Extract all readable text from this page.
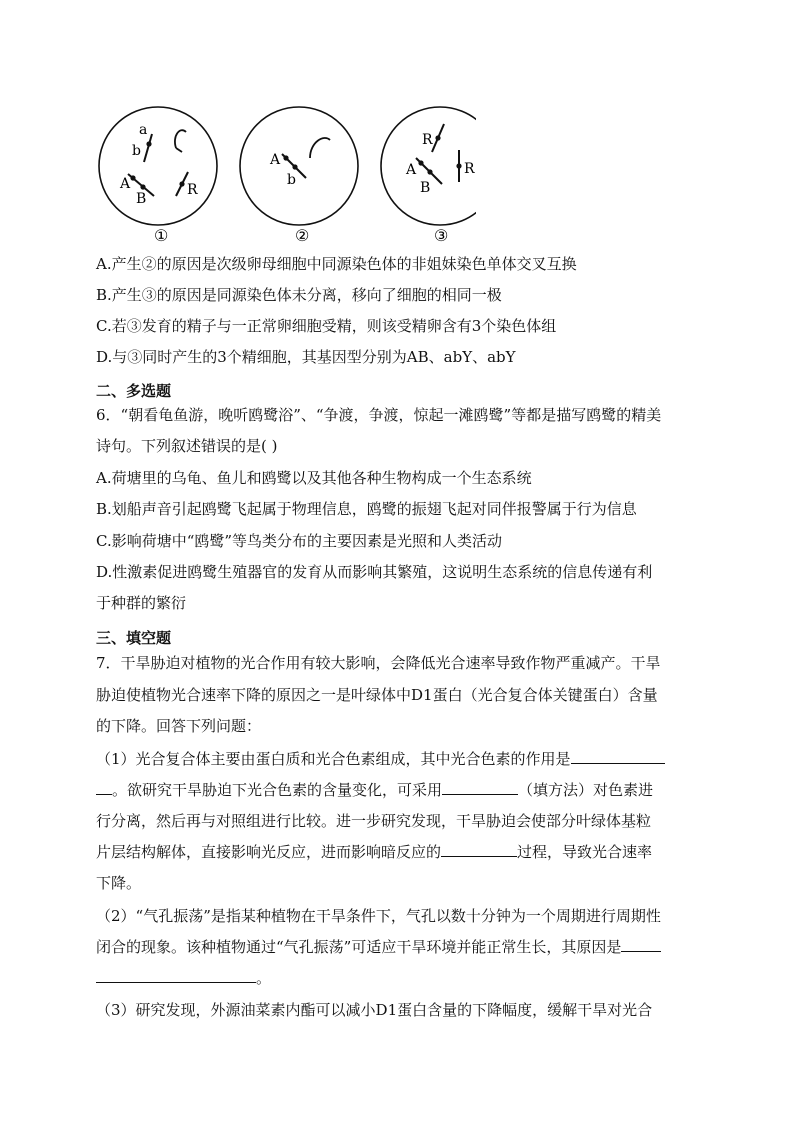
a
b
A
B
R
①
A
b
②
R
A
B
R
③
A.产生②的原因是次级卵母细胞中同源染色体的非姐妹染色单体交叉互换
B.产生③的原因是同源染色体未分离，移向了细胞的相同一极
C.若③发育的精子与一正常卵细胞受精，则该受精卵含有3个染色体组
D.与③同时产生的3个精细胞，其基因型分别为AB、abY、abY
二、多选题
6．“朝看龟鱼游，晚听鸥鹭浴”、“争渡，争渡，惊起一滩鸥鹭”等都是描写鸥鹭的精美
诗句。下列叙述错误的是( )
A.荷塘里的乌龟、鱼儿和鸥鹭以及其他各种生物构成一个生态系统
B.划船声音引起鸥鹭飞起属于物理信息，鸥鹭的振翅飞起对同伴报警属于行为信息
C.影响荷塘中“鸥鹭”等鸟类分布的主要因素是光照和人类活动
D.性激素促进鸥鹭生殖器官的发育从而影响其繁殖，这说明生态系统的信息传递有利
于种群的繁衍
三、填空题
7．干旱胁迫对植物的光合作用有较大影响，会降低光合速率导致作物严重减产。干旱
胁迫使植物光合速率下降的原因之一是叶绿体中D1蛋白（光合复合体关键蛋白）含量
的下降。回答下列问题：
（1）光合复合体主要由蛋白质和光合色素组成，其中光合色素的作用是
。欲研究干旱胁迫下光合色素的含量变化，可采用	（填方法）对色素进
行分离，然后再与对照组进行比较。进一步研究发现，干旱胁迫会使部分叶绿体基粒
片层结构解体，直接影响光反应，进而影响暗反应的	过程，导致光合速率
下降。
（2）“气孔振荡”是指某种植物在干旱条件下，气孔以数十分钟为一个周期进行周期性
闭合的现象。该种植物通过“气孔振荡”可适应干旱环境并能正常生长，其原因是
。
（3）研究发现，外源油菜素内酯可以减小D1蛋白含量的下降幅度，缓解干旱对光合
